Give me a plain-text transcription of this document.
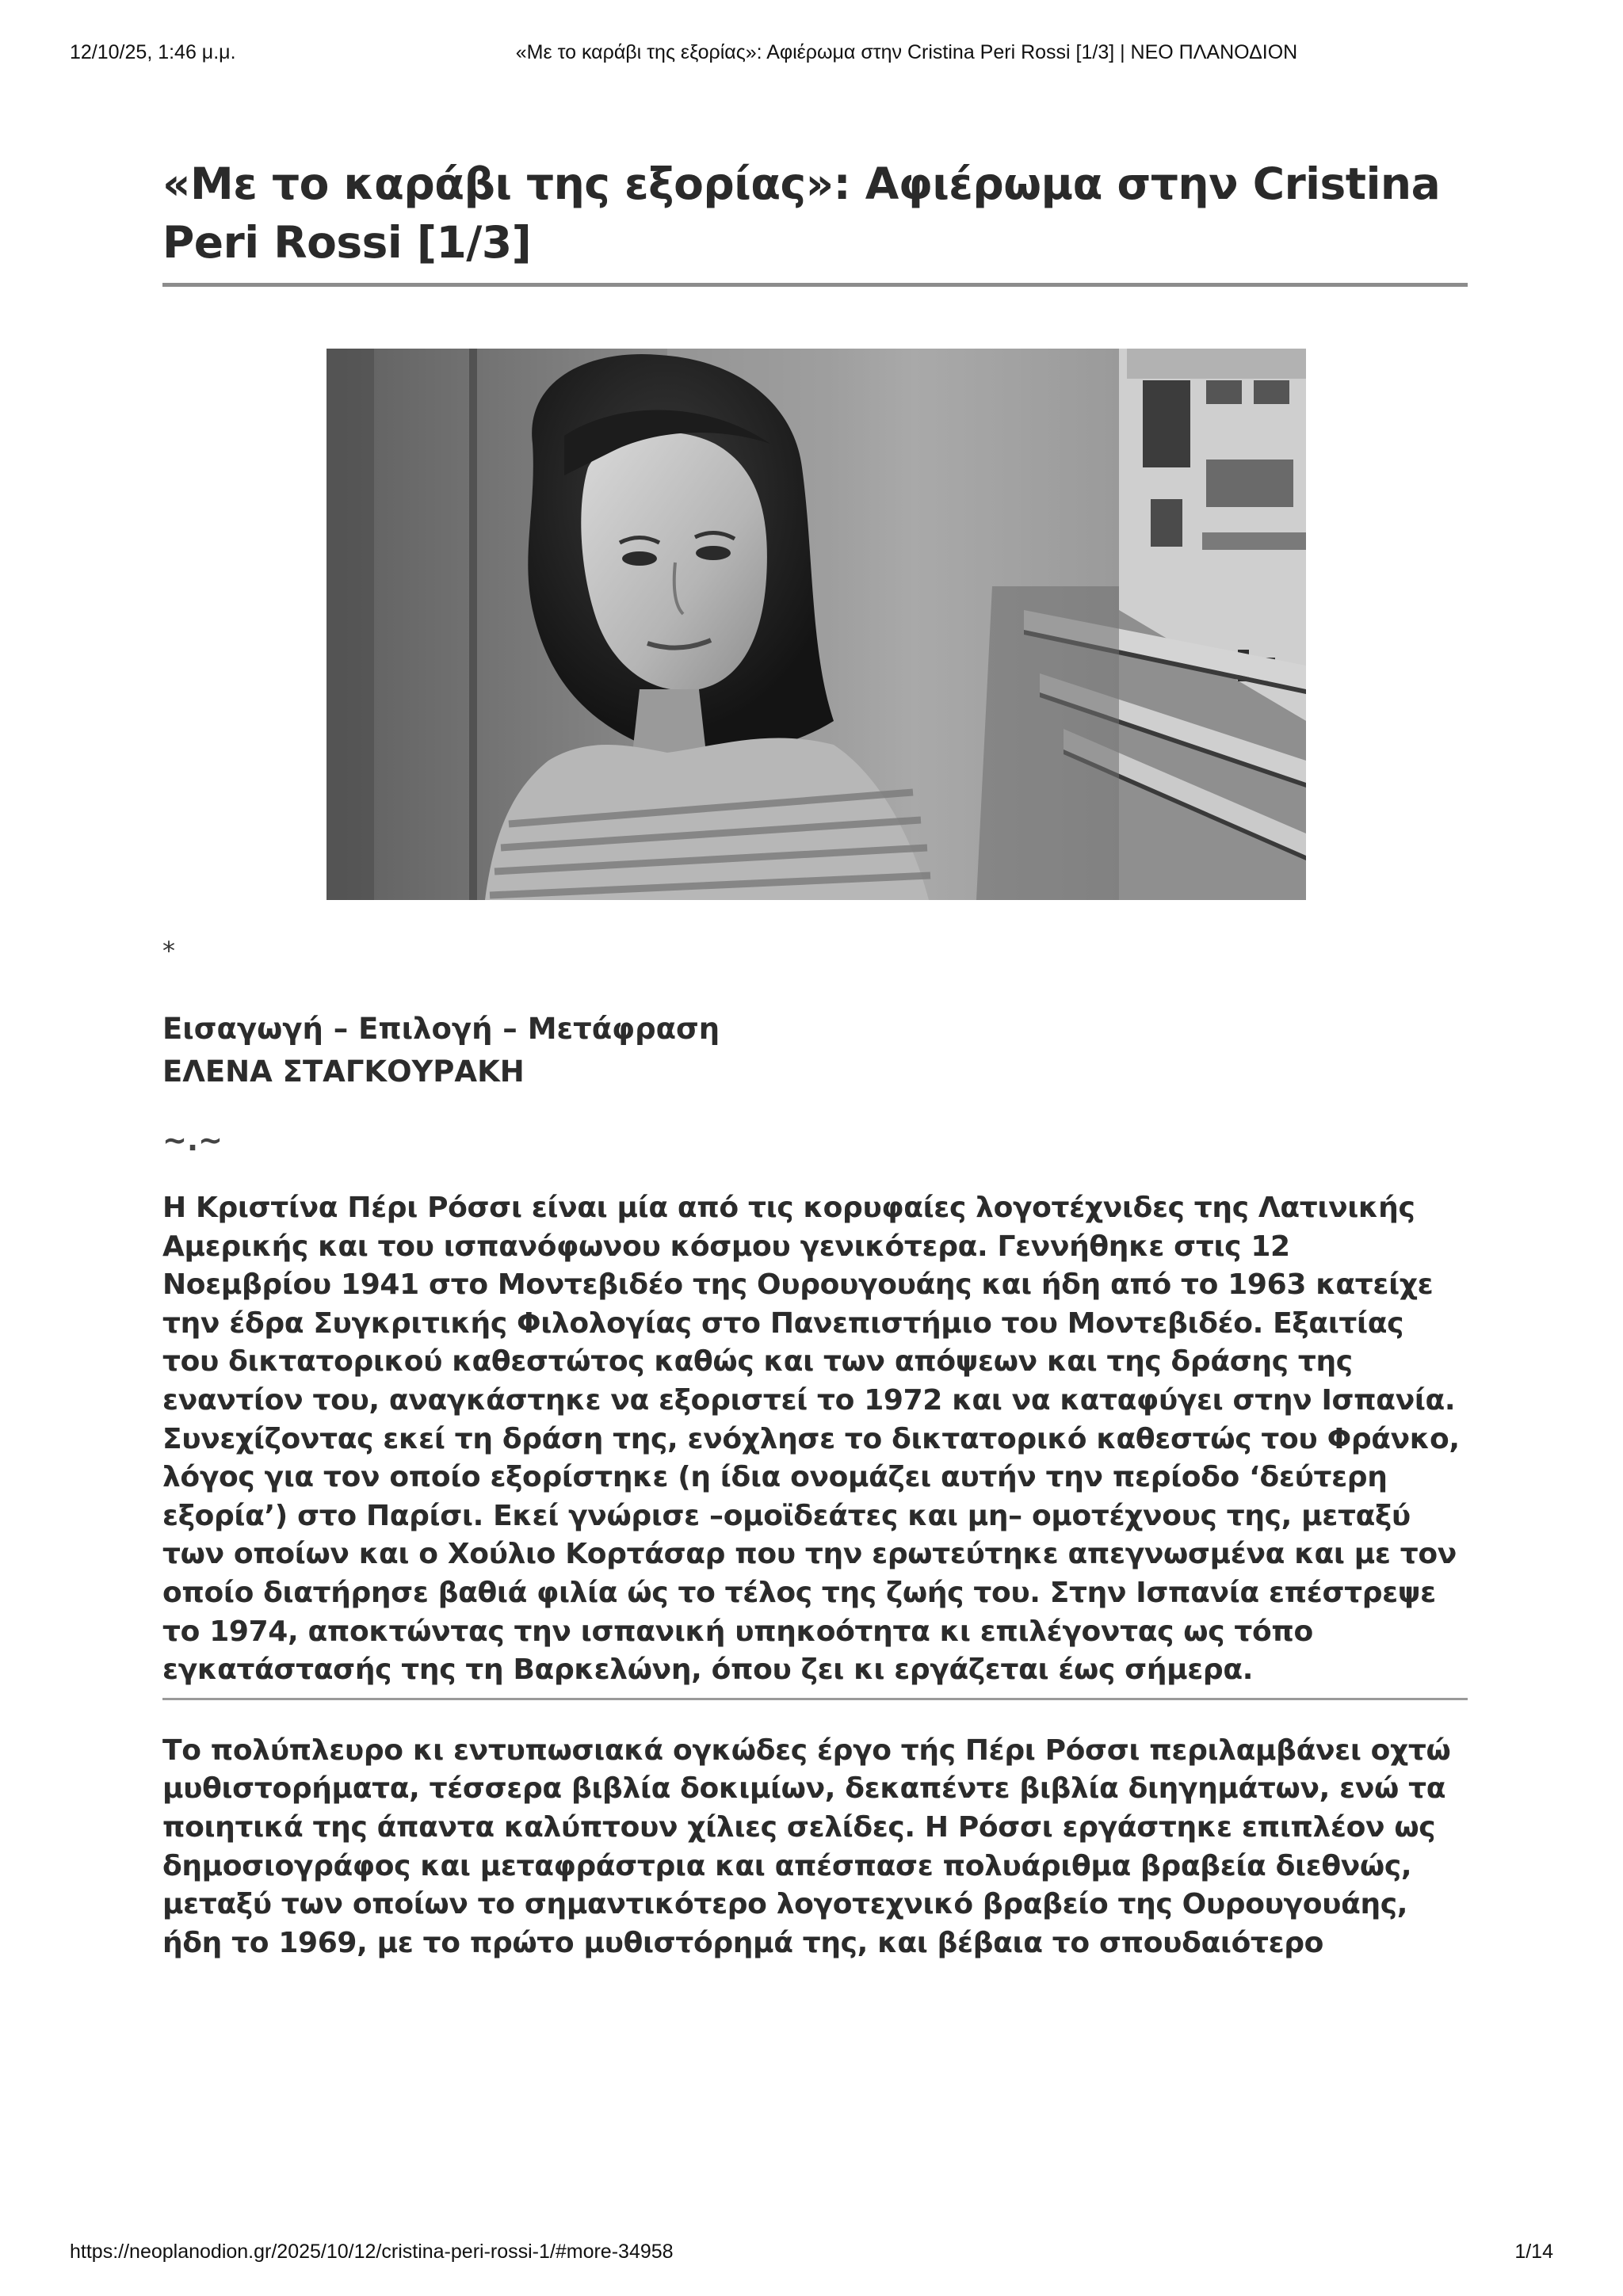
12/10/25, 1:46 μ.μ.	«Με το καράβι της εξορίας»: Αφιέρωμα στην Cristina Peri Rossi [1/3] | ΝΕΟ ΠΛΑΝΟΔΙΟΝ
«Με το καράβι της εξορίας»: Αφιέρωμα στην Cristina
Peri Rossi [1/3]
*
Εισαγωγή – Επιλογή – Μετάφραση
ΕΛΕΝΑ ΣΤΑΓΚΟΥΡΑΚΗ
~.~

Η Κριστίνα Πέρι Ρόσσι είναι μία από τις κορυφαίες λογοτέχνιδες της Λατινικής Αμερικής και του ισπανόφωνου κόσμου γενικότερα. Γεννήθηκε στις 12 Νοεμβρίου 1941 στο Μοντεβιδέο της Ουρουγουάης και ήδη από το 1963 κατείχε την έδρα Συγκριτικής Φιλολογίας στο Πανεπιστήμιο του Μοντεβιδέο. Εξαιτίας του δικτατορικού καθεστώτος καθώς και των απόψεων και της δράσης της εναντίον του, αναγκάστηκε να εξοριστεί το 1972 και να καταφύγει στην Ισπανία. Συνεχίζοντας εκεί τη δράση της, ενόχλησε το δικτατορικό καθεστώς του Φράνκο, λόγος για τον οποίο εξορίστηκε (η ίδια ονομάζει αυτήν την περίοδο ‘δεύτερη εξορία’) στο Παρίσι. Εκεί γνώρισε –ομοϊδεάτες και μη– ομοτέχνους της, μεταξύ των οποίων και ο Χούλιο Κορτάσαρ που την ερωτεύτηκε απεγνωσμένα και με τον οποίο διατήρησε βαθιά φιλία ώς το τέλος της ζωής του. Στην Ισπανία επέστρεψε το 1974, αποκτώντας την ισπανική υπηκοότητα κι επιλέγοντας ως τόπο εγκατάστασής της τη Βαρκελώνη, όπου ζει κι εργάζεται έως σήμερα.

Το πολύπλευρο κι εντυπωσιακά ογκώδες έργο τής Πέρι Ρόσσι περιλαμβάνει οχτώ μυθιστορήματα, τέσσερα βιβλία δοκιμίων, δεκαπέντε βιβλία διηγημάτων, ενώ τα ποιητικά της άπαντα καλύπτουν χίλιες σελίδες. Η Ρόσσι εργάστηκε επιπλέον ως δημοσιογράφος και μεταφράστρια και απέσπασε πολυάριθμα βραβεία διεθνώς, μεταξύ των οποίων το σημαντικότερο λογοτεχνικό βραβείο της Ουρουγουάης, ήδη το 1969, με το πρώτο μυθιστόρημά της, και βέβαια το σπουδαιότερο

https://neoplanodion.gr/2025/10/12/cristina-peri-rossi-1/#more-34958	1/14
